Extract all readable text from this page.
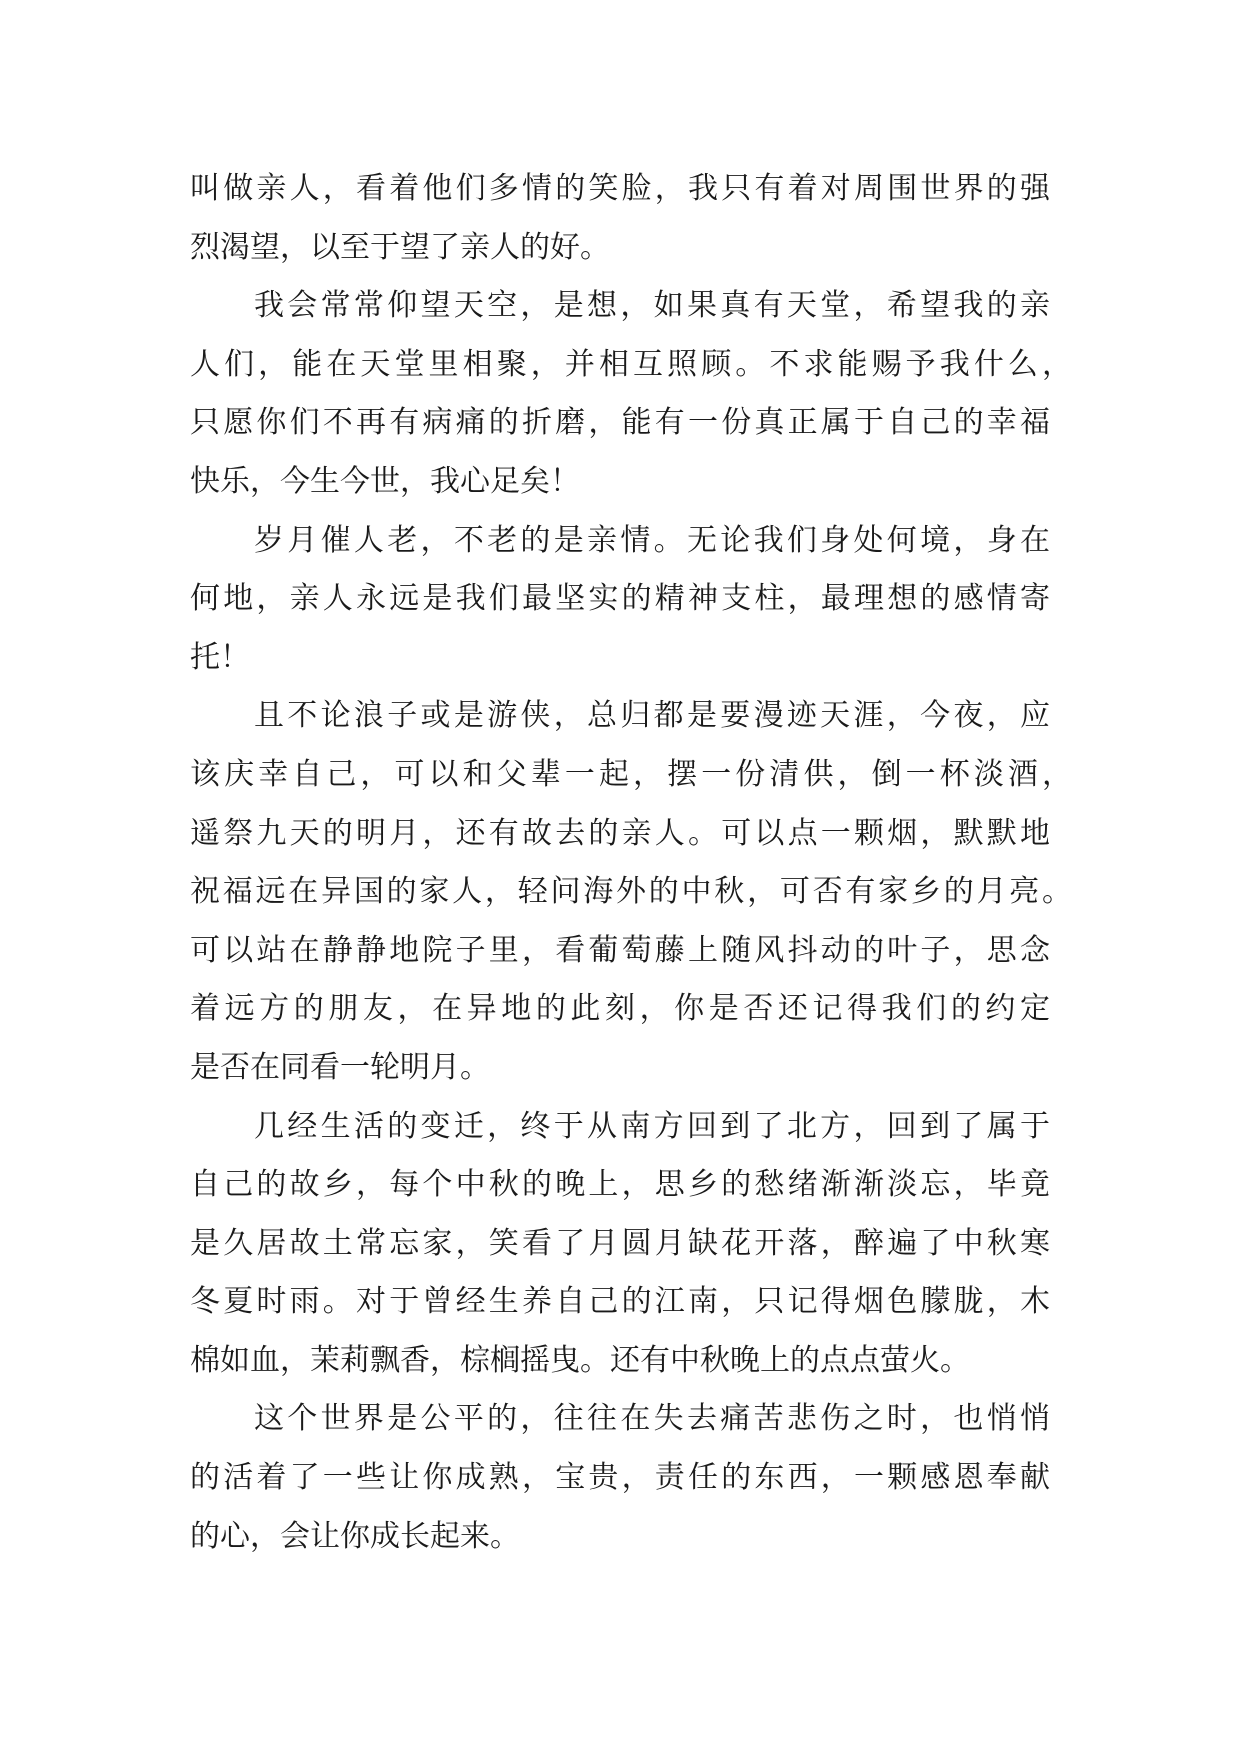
叫做亲人，看着他们多情的笑脸，我只有着对周围世界的强
烈渴望，以至于望了亲人的好。
我会常常仰望天空，是想，如果真有天堂，希望我的亲
人们，能在天堂里相聚，并相互照顾。不求能赐予我什么，
只愿你们不再有病痛的折磨，能有一份真正属于自己的幸福
快乐，今生今世，我心足矣！
岁月催人老，不老的是亲情。无论我们身处何境，身在
何地，亲人永远是我们最坚实的精神支柱，最理想的感情寄
托！
且不论浪子或是游侠，总归都是要漫迹天涯，今夜，应
该庆幸自己，可以和父辈一起，摆一份清供，倒一杯淡酒，
遥祭九天的明月，还有故去的亲人。可以点一颗烟，默默地
祝福远在异国的家人，轻问海外的中秋，可否有家乡的月亮。
可以站在静静地院子里，看葡萄藤上随风抖动的叶子，思念
着远方的朋友，在异地的此刻，你是否还记得我们的约定
是否在同看一轮明月。
几经生活的变迁，终于从南方回到了北方，回到了属于
自己的故乡，每个中秋的晚上，思乡的愁绪渐渐淡忘，毕竟
是久居故土常忘家，笑看了月圆月缺花开落，醉遍了中秋寒
冬夏时雨。对于曾经生养自己的江南，只记得烟色朦胧，木
棉如血，茉莉飘香，棕榈摇曳。还有中秋晚上的点点萤火。
这个世界是公平的，往往在失去痛苦悲伤之时，也悄悄
的活着了一些让你成熟，宝贵，责任的东西，一颗感恩奉献
的心，会让你成长起来。
